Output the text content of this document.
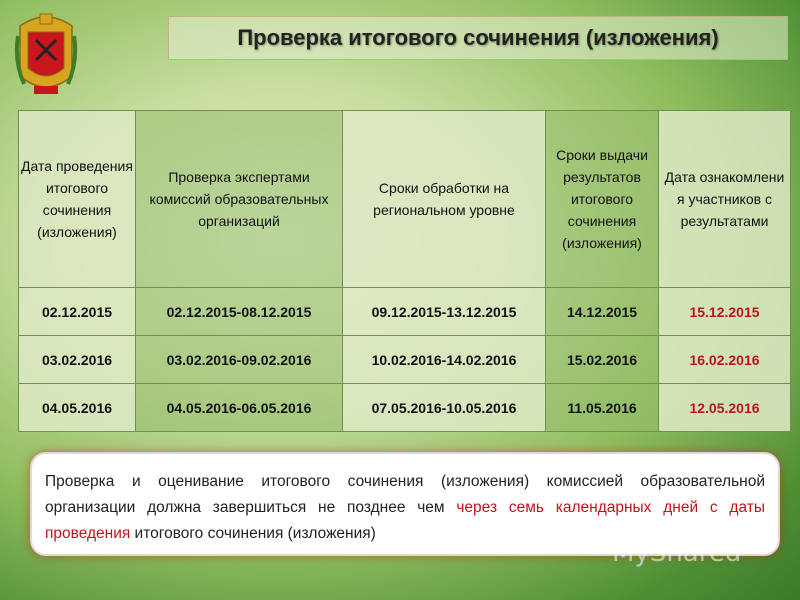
Проверка итогового сочинения (изложения)
Дата проведения итогового сочинения (изложения)	Проверка экспертами комиссий образовательных организаций	Сроки обработки на региональном уровне	Сроки выдачи результатов итогового сочинения (изложения)	Дата ознакомлени я участников с результатами
02.12.2015	02.12.2015-08.12.2015	09.12.2015-13.12.2015	14.12.2015	15.12.2015
03.02.2016	03.02.2016-09.02.2016	10.02.2016-14.02.2016	15.02.2016	16.02.2016
04.05.2016	04.05.2016-06.05.2016	07.05.2016-10.05.2016	11.05.2016	12.05.2016
Проверка и оценивание итогового сочинения (изложения) комиссией образовательной организации должна завершиться не позднее чем через семь календарных дней с даты проведения итогового сочинения (изложения)
MyShared
